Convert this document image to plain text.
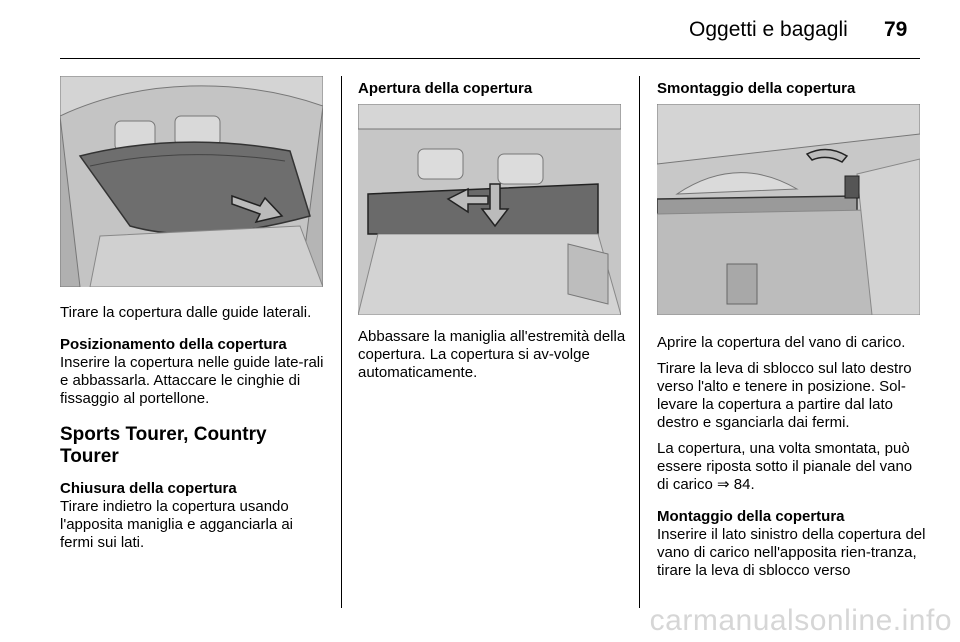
Oggetti e bagagli 79

Tirare la copertura dalle guide laterali.

Posizionamento della copertura

Inserire la copertura nelle guide late-rali e abbassarla. Attaccare le cinghie di fissaggio al portellone.

Sports Tourer, Country Tourer
Chiusura della copertura

Tirare indietro la copertura usando l'apposita maniglia e agganciarla ai fermi sui lati.

Apertura della copertura

Abbassare la maniglia all'estremità della copertura. La copertura si av-volge automaticamente.

Smontaggio della copertura

Aprire la copertura del vano di carico.

Tirare la leva di sblocco sul lato destro verso l'alto e tenere in posizione. Sol-levare la copertura a partire dal lato destro e sganciarla dai fermi.

La copertura, una volta smontata, può essere riposta sotto il pianale del vano di carico ⇒ 84.

Montaggio della copertura

Inserire il lato sinistro della copertura del vano di carico nell'apposita rien-tranza, tirare la leva di sblocco verso

carmanualsonline.info
